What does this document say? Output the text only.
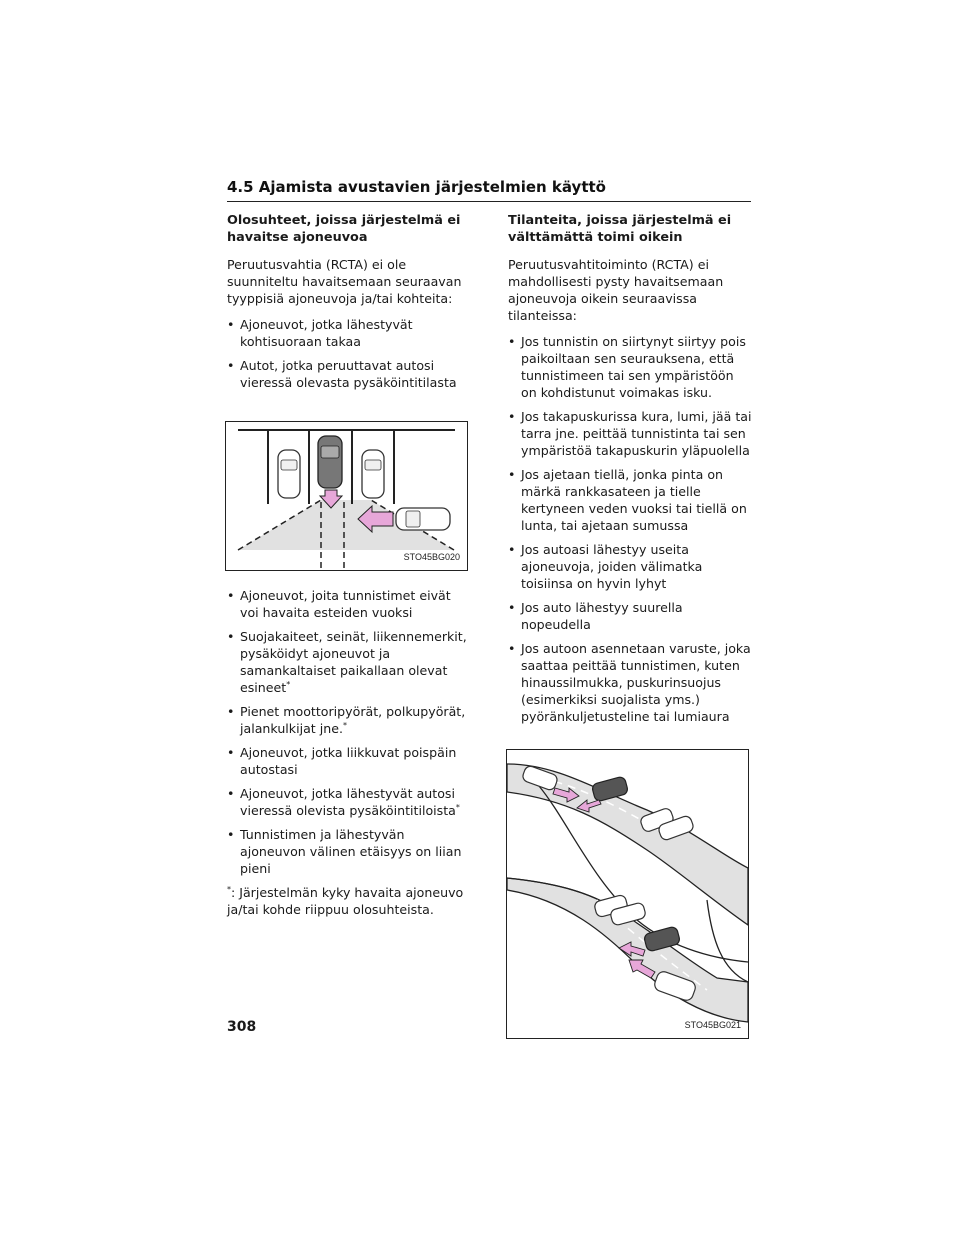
4.5 Ajamista avustavien järjestelmien käyttö
Olosuhteet, joissa järjestelmä ei havaitse ajoneuvoa

Peruutusvahtia (RCTA) ei ole suunniteltu havaitsemaan seuraavan tyyppisiä ajoneuvoja ja/tai kohteita:

• Ajoneuvot, jotka lähestyvät kohtisuoraan takaa
• Autot, jotka peruuttavat autosi vieressä olevasta pysäköintitilasta
STO45BG020
• Ajoneuvot, joita tunnistimet eivät voi havaita esteiden vuoksi
• Suojakaiteet, seinät, liikennemerkit, pysäköidyt ajoneuvot ja samankaltaiset paikallaan olevat esineet*
• Pienet moottoripyörät, polkupyörät, jalankulkijat jne.*
• Ajoneuvot, jotka liikkuvat poispäin autostasi
• Ajoneuvot, jotka lähestyvät autosi vieressä olevista pysäköintitiloista*
• Tunnistimen ja lähestyvän ajoneuvon välinen etäisyys on liian pieni

*: Järjestelmän kyky havaita ajoneuvo ja/tai kohde riippuu olosuhteista.

Tilanteita, joissa järjestelmä ei välttämättä toimi oikein

Peruutusvahtitoiminto (RCTA) ei mahdollisesti pysty havaitsemaan ajoneuvoja oikein seuraavissa tilanteissa:

• Jos tunnistin on siirtynyt siirtyy pois paikoiltaan sen seurauksena, että tunnistimeen tai sen ympäristöön on kohdistunut voimakas isku.
• Jos takapuskurissa kura, lumi, jää tai tarra jne. peittää tunnistinta tai sen ympäristöä takapuskurin yläpuolella
• Jos ajetaan tiellä, jonka pinta on märkä rankkasateen ja tielle kertyneen veden vuoksi tai tiellä on lunta, tai ajetaan sumussa
• Jos autoasi lähestyy useita ajoneuvoja, joiden välimatka toisiinsa on hyvin lyhyt
• Jos auto lähestyy suurella nopeudella
• Jos autoon asennetaan varuste, joka saattaa peittää tunnistimen, kuten hinaussilmukka, puskurinsuojus (esimerkiksi suojalista yms.) pyöränkuljetusteline tai lumiaura
STO45BG021
308
